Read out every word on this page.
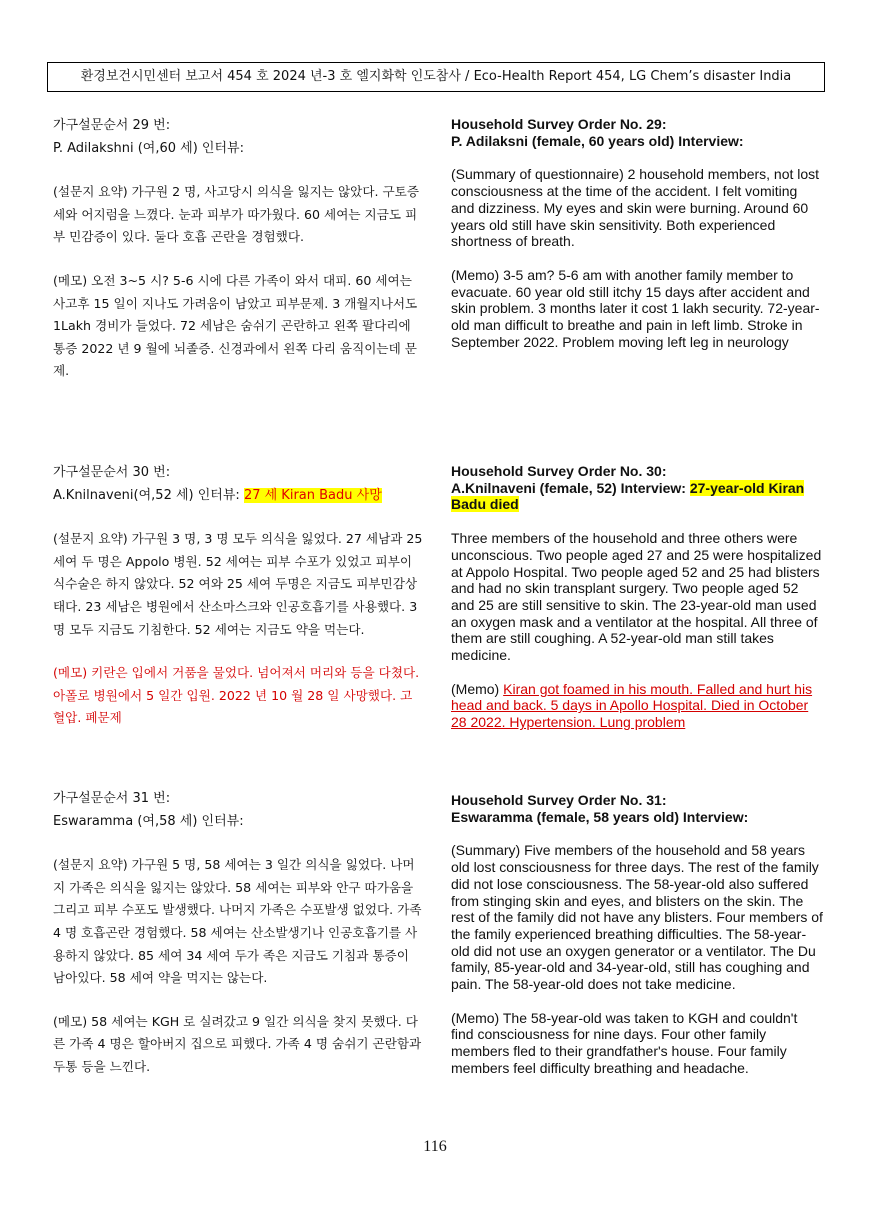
환경보건시민센터 보고서 454 호 2024 년-3 호 엘지화학 인도참사 / Eco-Health Report 454, LG Chem’s disaster India

가구설문순서 29 번:

P. Adilakshni (여,60 세) 인터뷰:

(설문지 요약) 가구원 2 명, 사고당시 의식을 잃지는 않았다. 구토증세와 어지럼을 느꼈다. 눈과 피부가 따가웠다. 60 세여는 지금도 피부 민감증이 있다. 둘다 호흡 곤란을 경험했다.

(메모) 오전 3~5 시? 5-6 시에 다른 가족이 와서 대피. 60 세여는 사고후 15 일이 지나도 가려움이 남았고 피부문제. 3 개월지나서도 1Lakh 경비가 들었다. 72 세남은 숨쉬기 곤란하고 왼쪽 팔다리에 통증 2022 년 9 월에 뇌졸증. 신경과에서 왼쪽 다리 움직이는데 문제.

Household Survey Order No. 29:

P. Adilaksni (female, 60 years old) Interview:

(Summary of questionnaire) 2 household members, not lost consciousness at the time of the accident. I felt vomiting and dizziness. My eyes and skin were burning. Around 60 years old still have skin sensitivity. Both experienced shortness of breath.

(Memo) 3-5 am? 5-6 am with another family member to evacuate. 60 year old still itchy 15 days after accident and skin problem. 3 months later it cost 1 lakh security. 72-year-old man difficult to breathe and pain in left limb. Stroke in September 2022. Problem moving left leg in neurology

가구설문순서 30 번:

A.Knilnaveni(여,52 세) 인터뷰: 27 세 Kiran Badu 사망

(설문지 요약) 가구원 3 명, 3 명 모두 의식을 잃었다. 27 세남과 25 세여 두 명은 Appolo 병원. 52 세여는 피부 수포가 있었고 피부이식수술은 하지 않았다. 52 여와 25 세여 두명은 지금도 피부민감상태다. 23 세남은 병원에서 산소마스크와 인공호흡기를 사용했다. 3 명 모두 지금도 기침한다. 52 세여는 지금도 약을 먹는다.

(메모) 키란은 입에서 거품을 물었다. 넘어져서 머리와 등을 다쳤다. 아폴로 병원에서 5 일간 입원. 2022 년 10 월 28 일 사망했다. 고혈압. 폐문제

Household Survey Order No. 30:

A.Knilnaveni (female, 52) Interview: 27-year-old Kiran Badu died

Three members of the household and three others were unconscious. Two people aged 27 and 25 were hospitalized at Appolo Hospital. Two people aged 52 and 25 had blisters and had no skin transplant surgery. Two people aged 52 and 25 are still sensitive to skin. The 23-year-old man used an oxygen mask and a ventilator at the hospital. All three of them are still coughing. A 52-year-old man still takes medicine.

(Memo) Kiran got foamed in his mouth. Falled and hurt his head and back. 5 days in Apollo Hospital. Died in October 28 2022. Hypertension. Lung problem

가구설문순서 31 번:

Eswaramma (여,58 세) 인터뷰:

(설문지 요약) 가구원 5 명, 58 세여는 3 일간 의식을 잃었다. 나머지 가족은 의식을 잃지는 않았다. 58 세여는 피부와 안구 따가움을 그리고 피부 수포도 발생했다. 나머지 가족은 수포발생 없었다. 가족 4 명 호흡곤란 경험했다. 58 세여는 산소발생기나 인공호흡기를 사용하지 않았다. 85 세여 34 세여 두가 족은 지금도 기침과 통증이 남아있다. 58 세여 약을 먹지는 않는다.

(메모) 58 세여는 KGH 로 실려갔고 9 일간 의식을 찾지 못했다. 다른 가족 4 명은 할아버지 집으로 피했다. 가족 4 명 숨쉬기 곤란함과 두통 등을 느낀다.

Household Survey Order No. 31:

Eswaramma (female, 58 years old) Interview:

(Summary) Five members of the household and 58 years old lost consciousness for three days. The rest of the family did not lose consciousness. The 58-year-old also suffered from stinging skin and eyes, and blisters on the skin. The rest of the family did not have any blisters. Four members of the family experienced breathing difficulties. The 58-year-old did not use an oxygen generator or a ventilator. The Du family, 85-year-old and 34-year-old, still has coughing and pain. The 58-year-old does not take medicine.

(Memo) The 58-year-old was taken to KGH and couldn't find consciousness for nine days. Four other family members fled to their grandfather's house. Four family members feel difficulty breathing and headache.

116
